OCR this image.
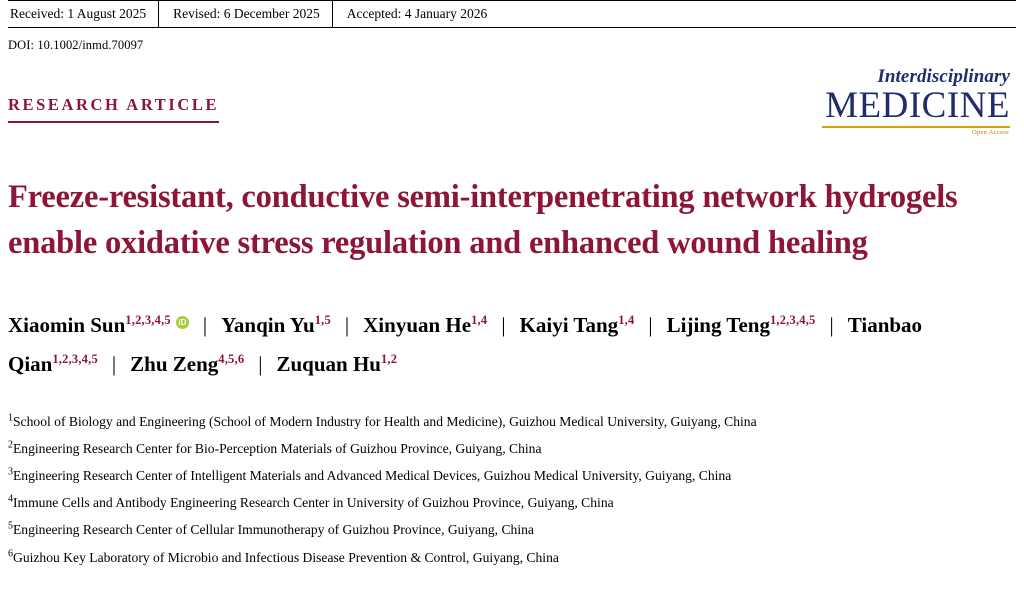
Received: 1 August 2025	Revised: 6 December 2025	Accepted: 4 January 2026
DOI: 10.1002/inmd.70097
RESEARCH ARTICLE
Interdisciplinary
MEDICINE
Open Access
Freeze-resistant, conductive semi-interpenetrating network hydrogels enable oxidative stress regulation and enhanced wound healing
Xiaomin Sun$^{1,2,3,4,5}$ iD | Yanqin Yu$^{1,5}$ | Xinyuan He$^{1,4}$ | Kaiyi Tang$^{1,4}$ | Lijing Teng$^{1,2,3,4,5}$ | Tianbao Qian$^{1,2,3,4,5}$ | Zhu Zeng$^{4,5,6}$ | Zuquan Hu$^{1,2}$
$^1$School of Biology and Engineering (School of Modern Industry for Health and Medicine), Guizhou Medical University, Guiyang, China
$^2$Engineering Research Center for Bio-Perception Materials of Guizhou Province, Guiyang, China
$^3$Engineering Research Center of Intelligent Materials and Advanced Medical Devices, Guizhou Medical University, Guiyang, China
$^4$Immune Cells and Antibody Engineering Research Center in University of Guizhou Province, Guiyang, China
$^5$Engineering Research Center of Cellular Immunotherapy of Guizhou Province, Guiyang, China
$^6$Guizhou Key Laboratory of Microbio and Infectious Disease Prevention & Control, Guiyang, China
